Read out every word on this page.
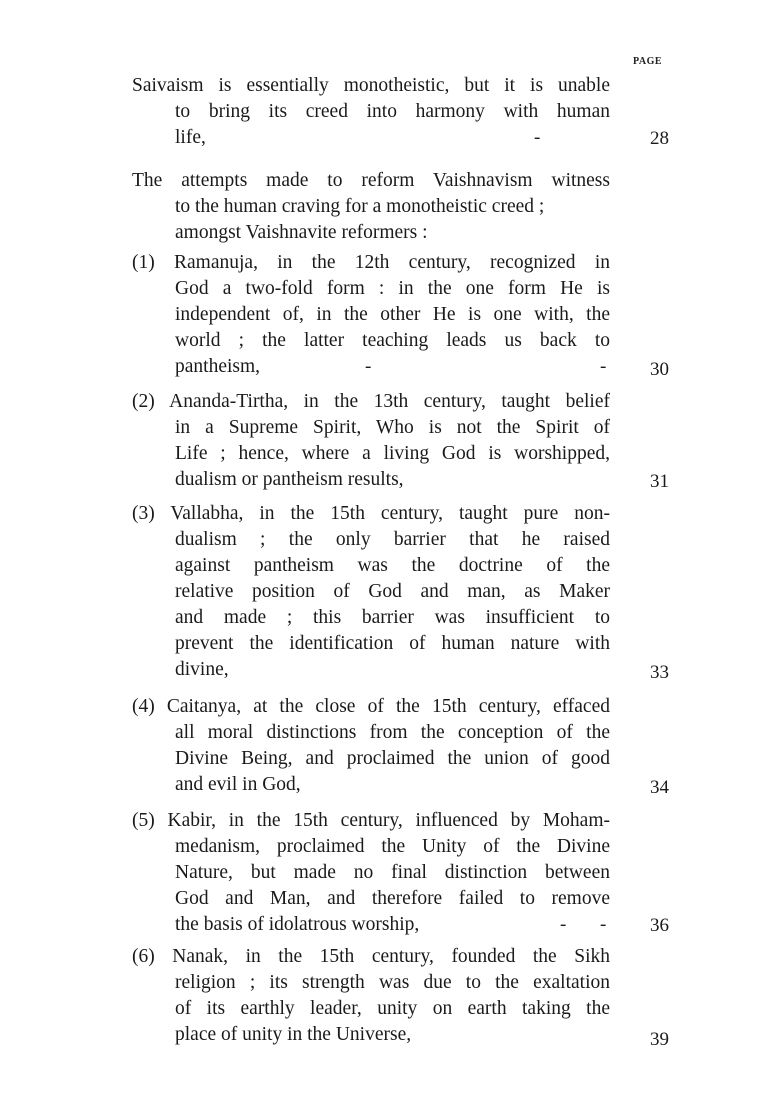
PAGE
Saivaism is essentially monotheistic, but it is unable
to bring its creed into harmony with human
life,	-	28
The attempts made to reform Vaishnavism witness
to the human craving for a monotheistic creed ;
amongst Vaishnavite reformers :
(1) Ramanuja, in the 12th century, recognized in
God a two-fold form : in the one form He is
independent of, in the other He is one with, the
world ; the latter teaching leads us back to
pantheism,	-	- 30
(2) Ananda-Tirtha, in the 13th century, taught belief
in a Supreme Spirit, Who is not the Spirit of
Life ; hence, where a living God is worshipped,
dualism or pantheism results,	31
(3) Vallabha, in the 15th century, taught pure non-
dualism ; the only barrier that he raised
against pantheism was the doctrine of the
relative position of God and man, as Maker
and made ; this barrier was insufficient to
prevent the identification of human nature with
divine,	33
(4) Caitanya, at the close of the 15th century, effaced
all moral distinctions from the conception of the
Divine Being, and proclaimed the union of good
and evil in God,	34
(5) Kabir, in the 15th century, influenced by Moham-
medanism, proclaimed the Unity of the Divine
Nature, but made no final distinction between
God and Man, and therefore failed to remove
the basis of idolatrous worship,	- - 36
(6) Nanak, in the 15th century, founded the Sikh
religion ; its strength was due to the exaltation
of its earthly leader, unity on earth taking the
place of unity in the Universe,	39
